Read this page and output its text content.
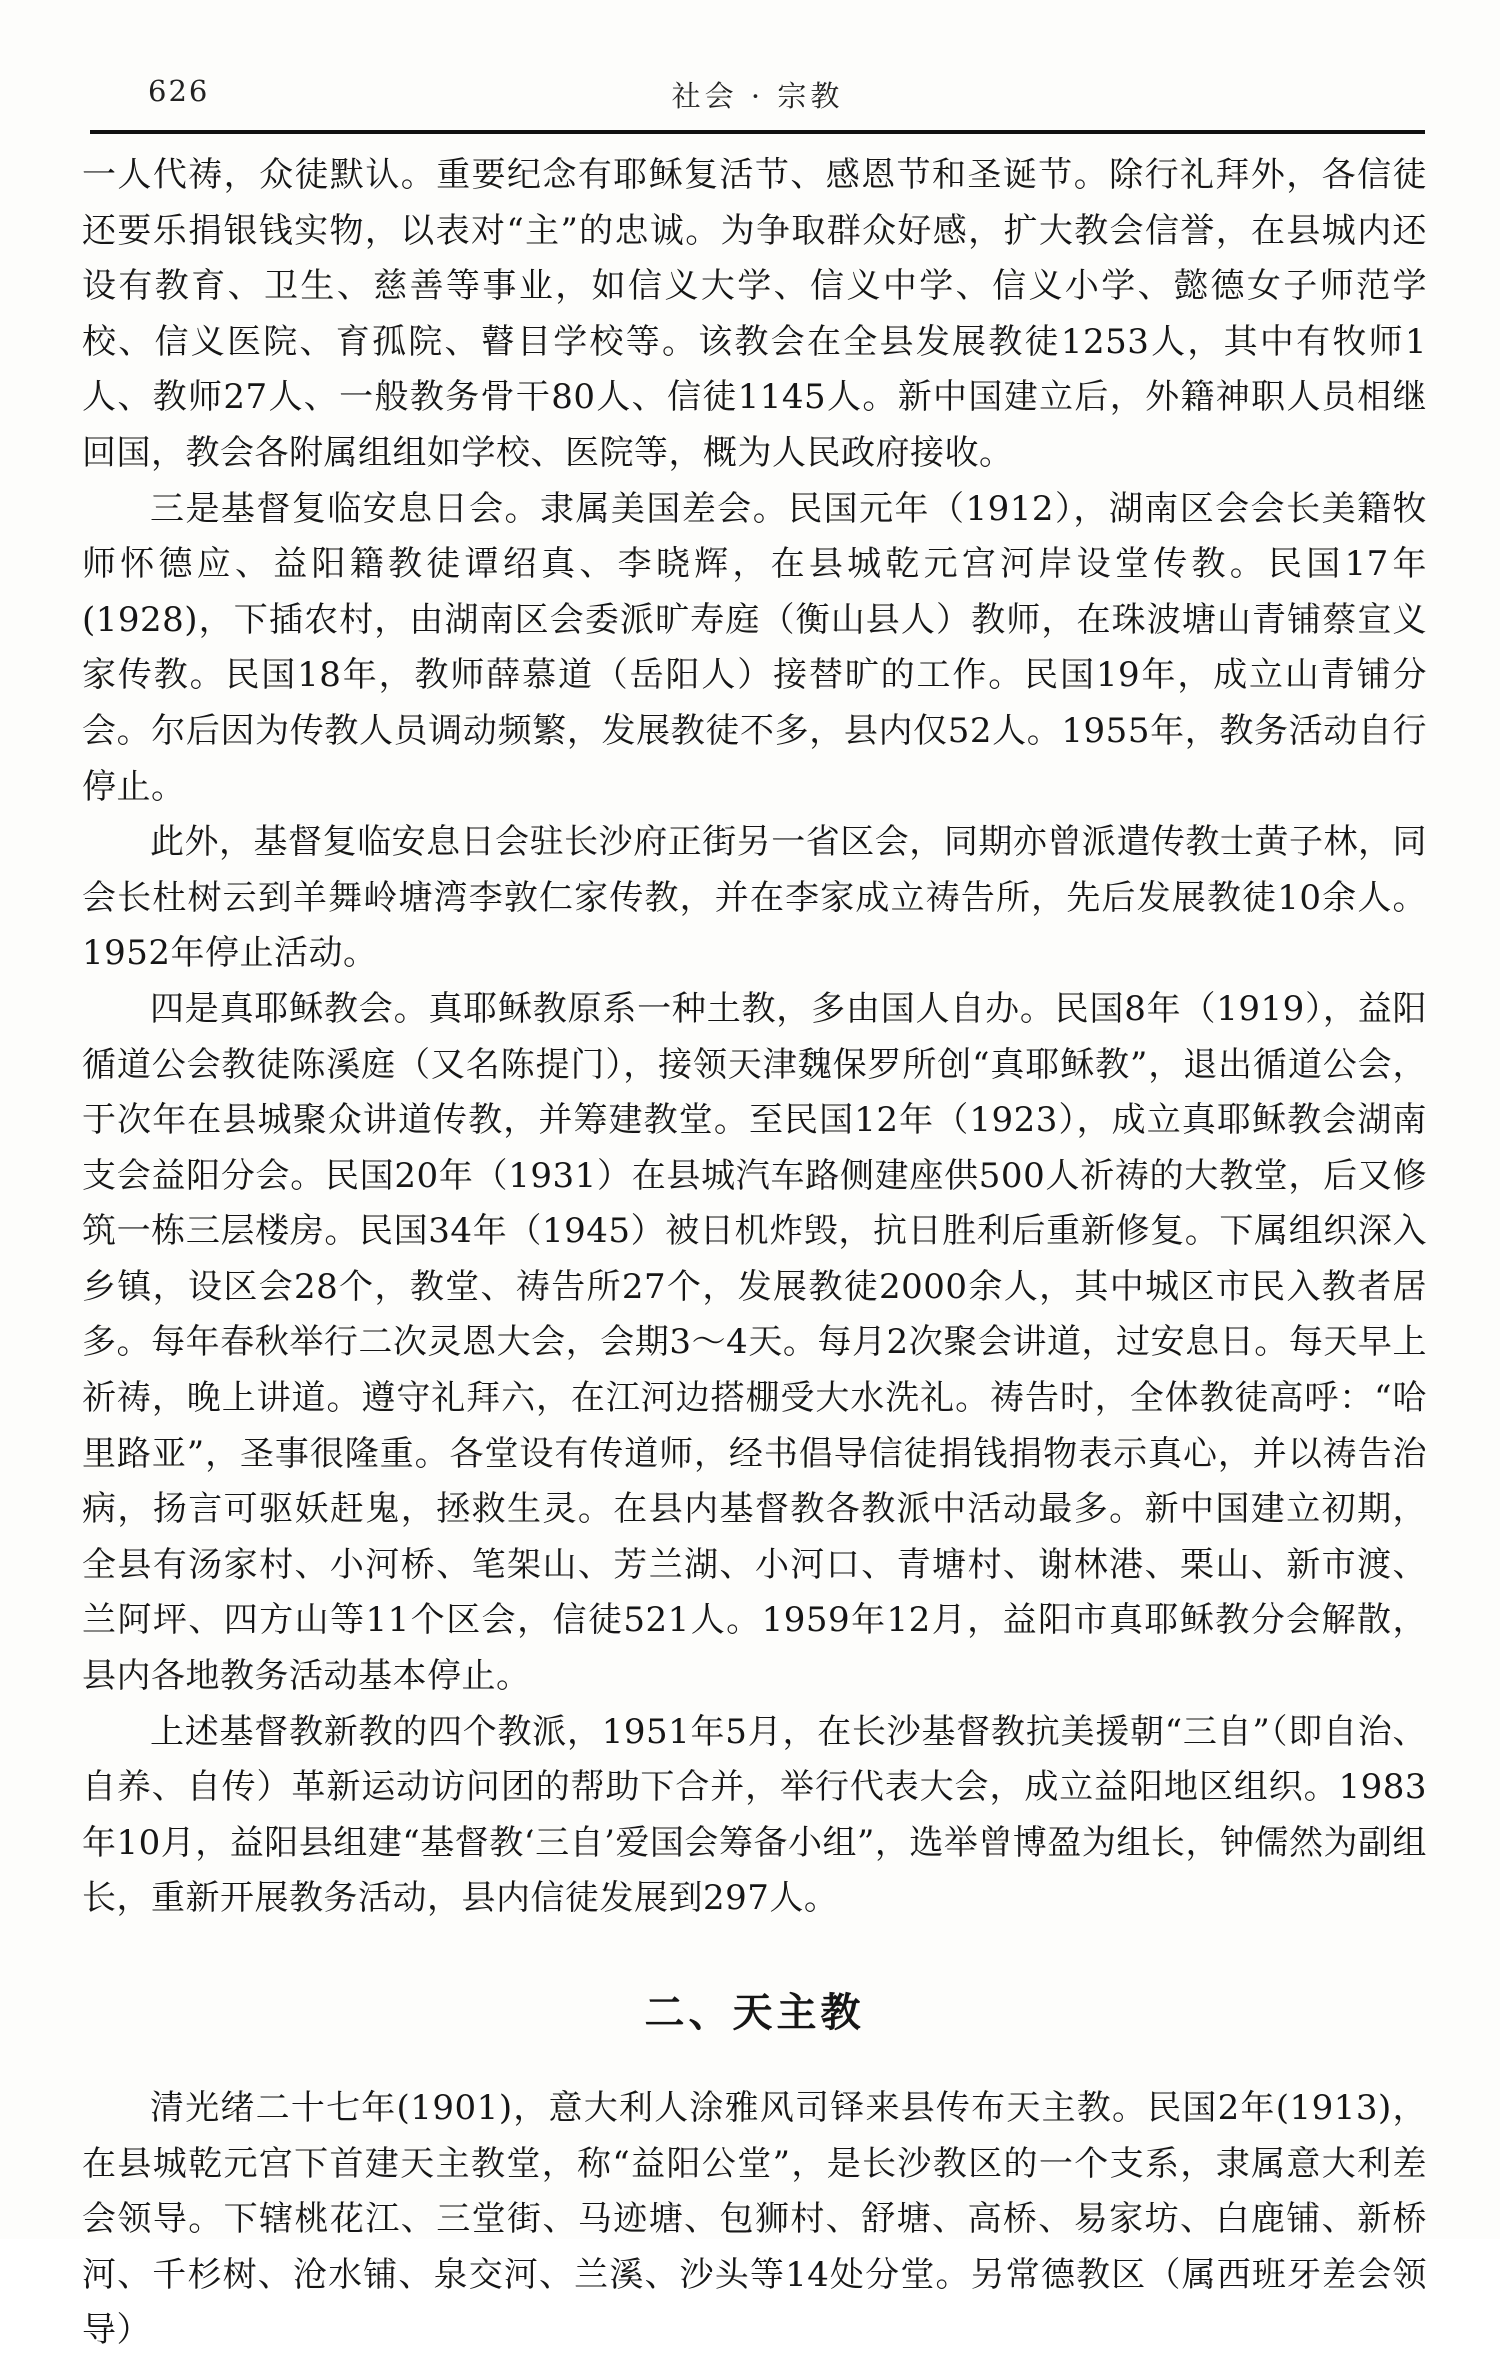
626	社会 · 宗教

一人代祷，众徒默认。重要纪念有耶稣复活节、感恩节和圣诞节。除行礼拜外，各信徒还要乐捐银钱实物，以表对“主”的忠诚。为争取群众好感，扩大教会信誉，在县城内还设有教育、卫生、慈善等事业，如信义大学、信义中学、信义小学、懿德女子师范学校、信义医院、育孤院、瞽目学校等。该教会在全县发展教徒1253人，其中有牧师1人、教师27人、一般教务骨干80人、信徒1145人。新中国建立后，外籍神职人员相继回国，教会各附属组组如学校、医院等，概为人民政府接收。

三是基督复临安息日会。隶属美国差会。民国元年（1912），湖南区会会长美籍牧师怀德应、益阳籍教徒谭绍真、李晓辉，在县城乾元宫河岸设堂传教。民国17年(1928)，下插农村，由湖南区会委派旷寿庭（衡山县人）教师，在珠波塘山青铺蔡宣义家传教。民国18年，教师薛慕道（岳阳人）接替旷的工作。民国19年，成立山青铺分会。尔后因为传教人员调动频繁，发展教徒不多，县内仅52人。1955年，教务活动自行停止。

此外，基督复临安息日会驻长沙府正街另一省区会，同期亦曾派遣传教士黄子林，同会长杜树云到羊舞岭塘湾李敦仁家传教，并在李家成立祷告所，先后发展教徒10余人。1952年停止活动。

四是真耶稣教会。真耶稣教原系一种土教，多由国人自办。民国8年（1919），益阳循道公会教徒陈溪庭（又名陈提门），接领天津魏保罗所创“真耶稣教”，退出循道公会，于次年在县城聚众讲道传教，并筹建教堂。至民国12年（1923），成立真耶稣教会湖南支会益阳分会。民国20年（1931）在县城汽车路侧建座供500人祈祷的大教堂，后又修筑一栋三层楼房。民国34年（1945）被日机炸毁，抗日胜利后重新修复。下属组织深入乡镇，设区会28个，教堂、祷告所27个，发展教徒2000余人，其中城区市民入教者居多。每年春秋举行二次灵恩大会，会期3～4天。每月2次聚会讲道，过安息日。每天早上祈祷，晚上讲道。遵守礼拜六，在江河边搭棚受大水洗礼。祷告时，全体教徒高呼：“哈里路亚”，圣事很隆重。各堂设有传道师，经书倡导信徒捐钱捐物表示真心，并以祷告治病，扬言可驱妖赶鬼，拯救生灵。在县内基督教各教派中活动最多。新中国建立初期，全县有汤家村、小河桥、笔架山、芳兰湖、小河口、青塘村、谢林港、栗山、新市渡、兰阿坪、四方山等11个区会，信徒521人。1959年12月，益阳市真耶稣教分会解散，县内各地教务活动基本停止。

上述基督教新教的四个教派，1951年5月，在长沙基督教抗美援朝“三自”（即自治、自养、自传）革新运动访问团的帮助下合并，举行代表大会，成立益阳地区组织。1983年10月，益阳县组建“基督教‘三自’爱国会筹备小组”，选举曾博盈为组长，钟儒然为副组长，重新开展教务活动，县内信徒发展到297人。

二、天主教

清光绪二十七年(1901)，意大利人涂雅风司铎来县传布天主教。民国2年(1913)，在县城乾元宫下首建天主教堂，称“益阳公堂”，是长沙教区的一个支系，隶属意大利差会领导。下辖桃花江、三堂街、马迹塘、包狮村、舒塘、高桥、易家坊、白鹿铺、新桥河、千杉树、沧水铺、泉交河、兰溪、沙头等14处分堂。另常德教区（属西班牙差会领导）
